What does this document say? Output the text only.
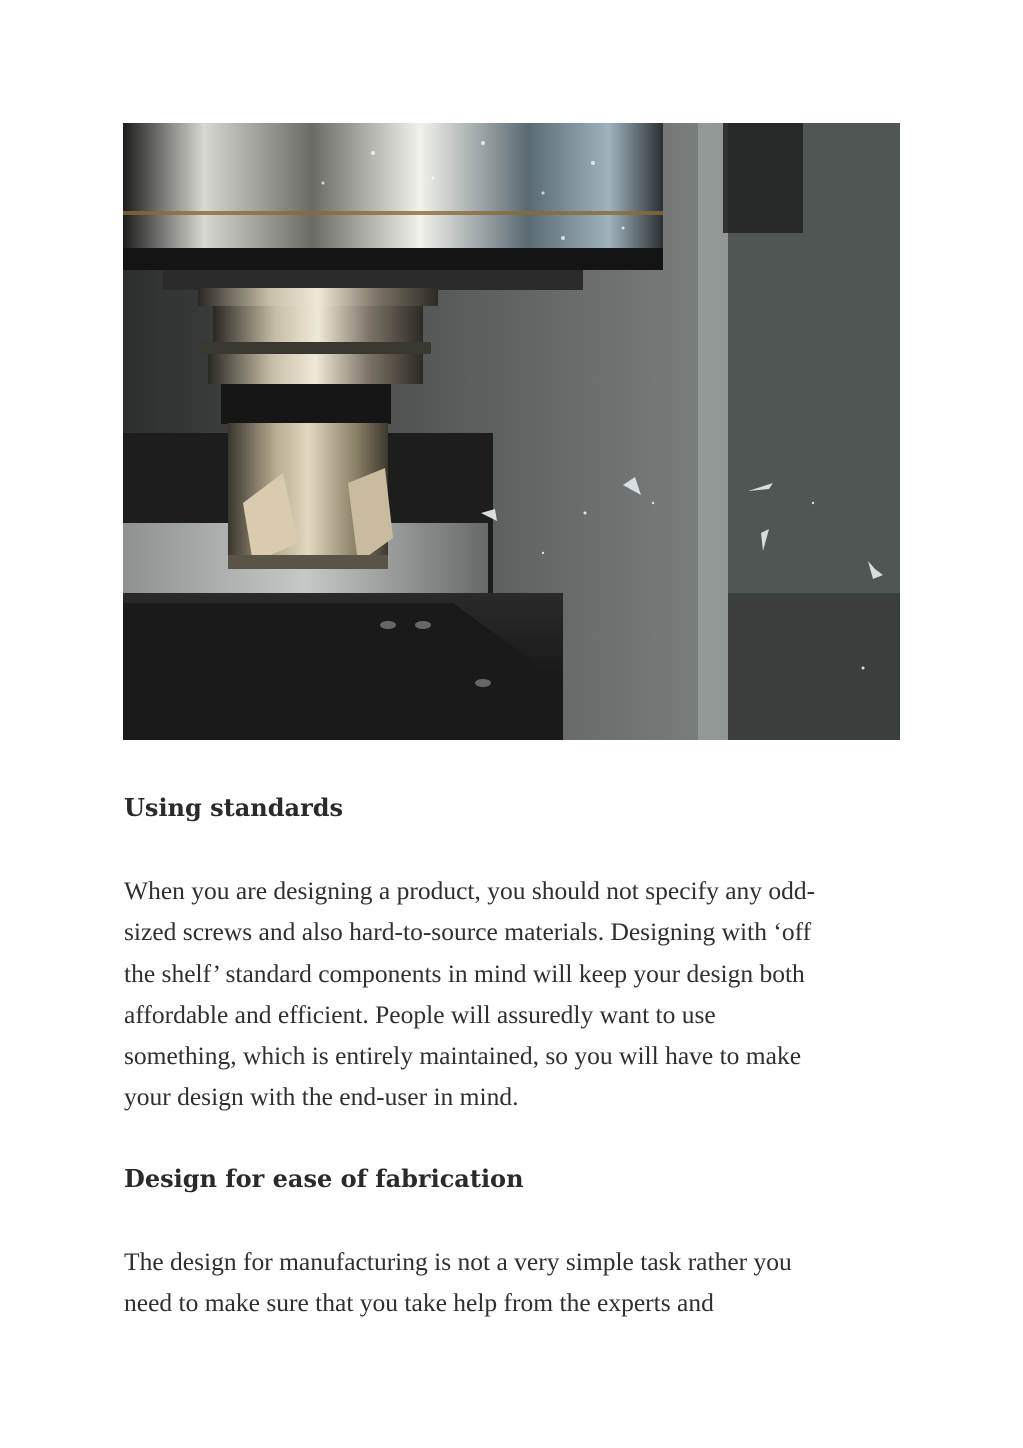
Using standards

When you are designing a product, you should not specify any odd-
sized screws and also hard-to-source materials. Designing with ‘off
the shelf’ standard components in mind will keep your design both
affordable and efficient. People will assuredly want to use
something, which is entirely maintained, so you will have to make
your design with the end-user in mind.

Design for ease of fabrication

The design for manufacturing is not a very simple task rather you
need to make sure that you take help from the experts and
